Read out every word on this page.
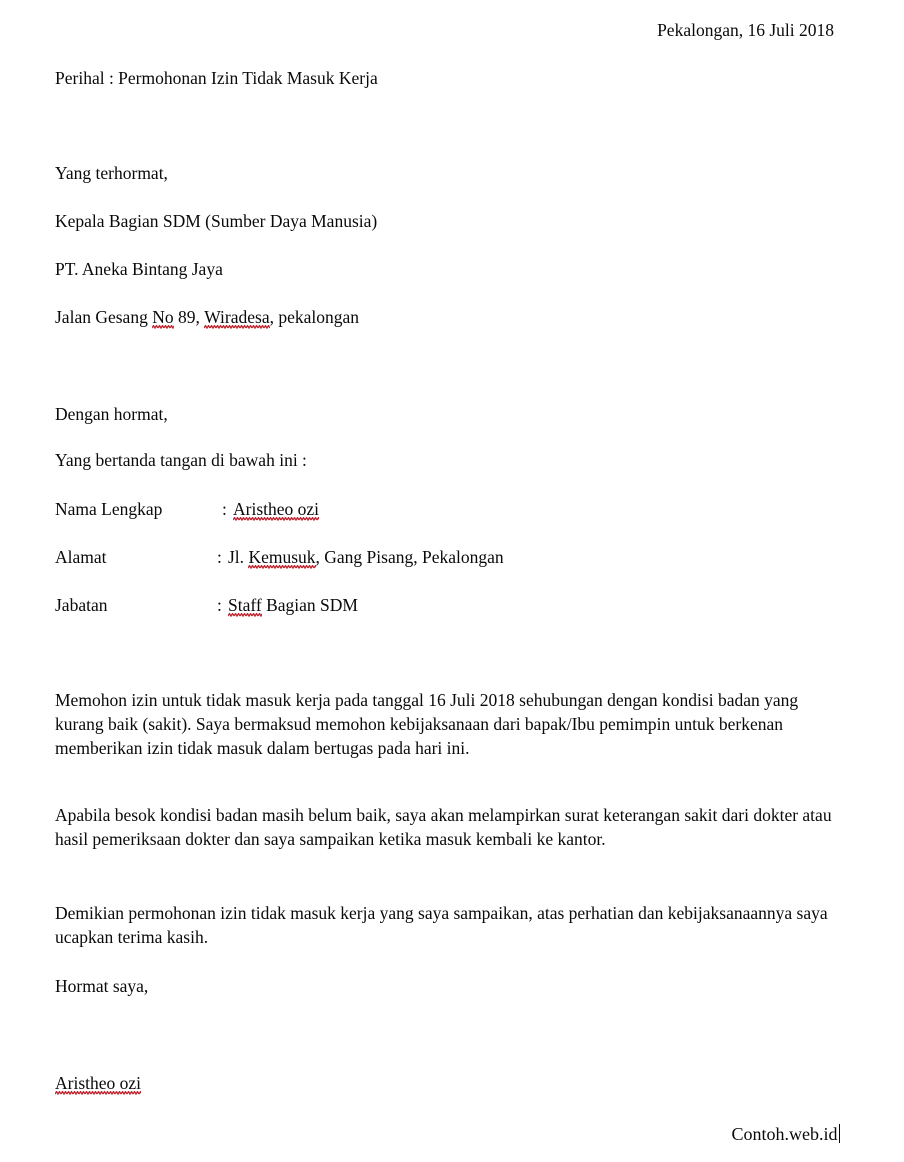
Pekalongan, 16 Juli 2018
Perihal : Permohonan Izin Tidak Masuk Kerja
Yang terhormat,
Kepala Bagian SDM (Sumber Daya Manusia)
PT. Aneka Bintang Jaya
Jalan Gesang No 89, Wiradesa, pekalongan
Dengan hormat,
Yang bertanda tangan di bawah ini :
Nama Lengkap	: Aristheo ozi
Alamat	: Jl. Kemusuk, Gang Pisang, Pekalongan
Jabatan	: Staff Bagian SDM
Memohon izin untuk tidak masuk kerja pada tanggal 16 Juli 2018 sehubungan dengan kondisi badan yang kurang baik (sakit). Saya bermaksud memohon kebijaksanaan dari bapak/Ibu pemimpin untuk berkenan memberikan izin tidak masuk dalam bertugas pada hari ini.
Apabila besok kondisi badan masih belum baik, saya akan melampirkan surat keterangan sakit dari dokter atau hasil pemeriksaan dokter dan saya sampaikan ketika masuk kembali ke kantor.
Demikian permohonan izin tidak masuk kerja yang saya sampaikan, atas perhatian dan kebijaksanaannya saya ucapkan terima kasih.
Hormat saya,
Aristheo ozi
Contoh.web.id
